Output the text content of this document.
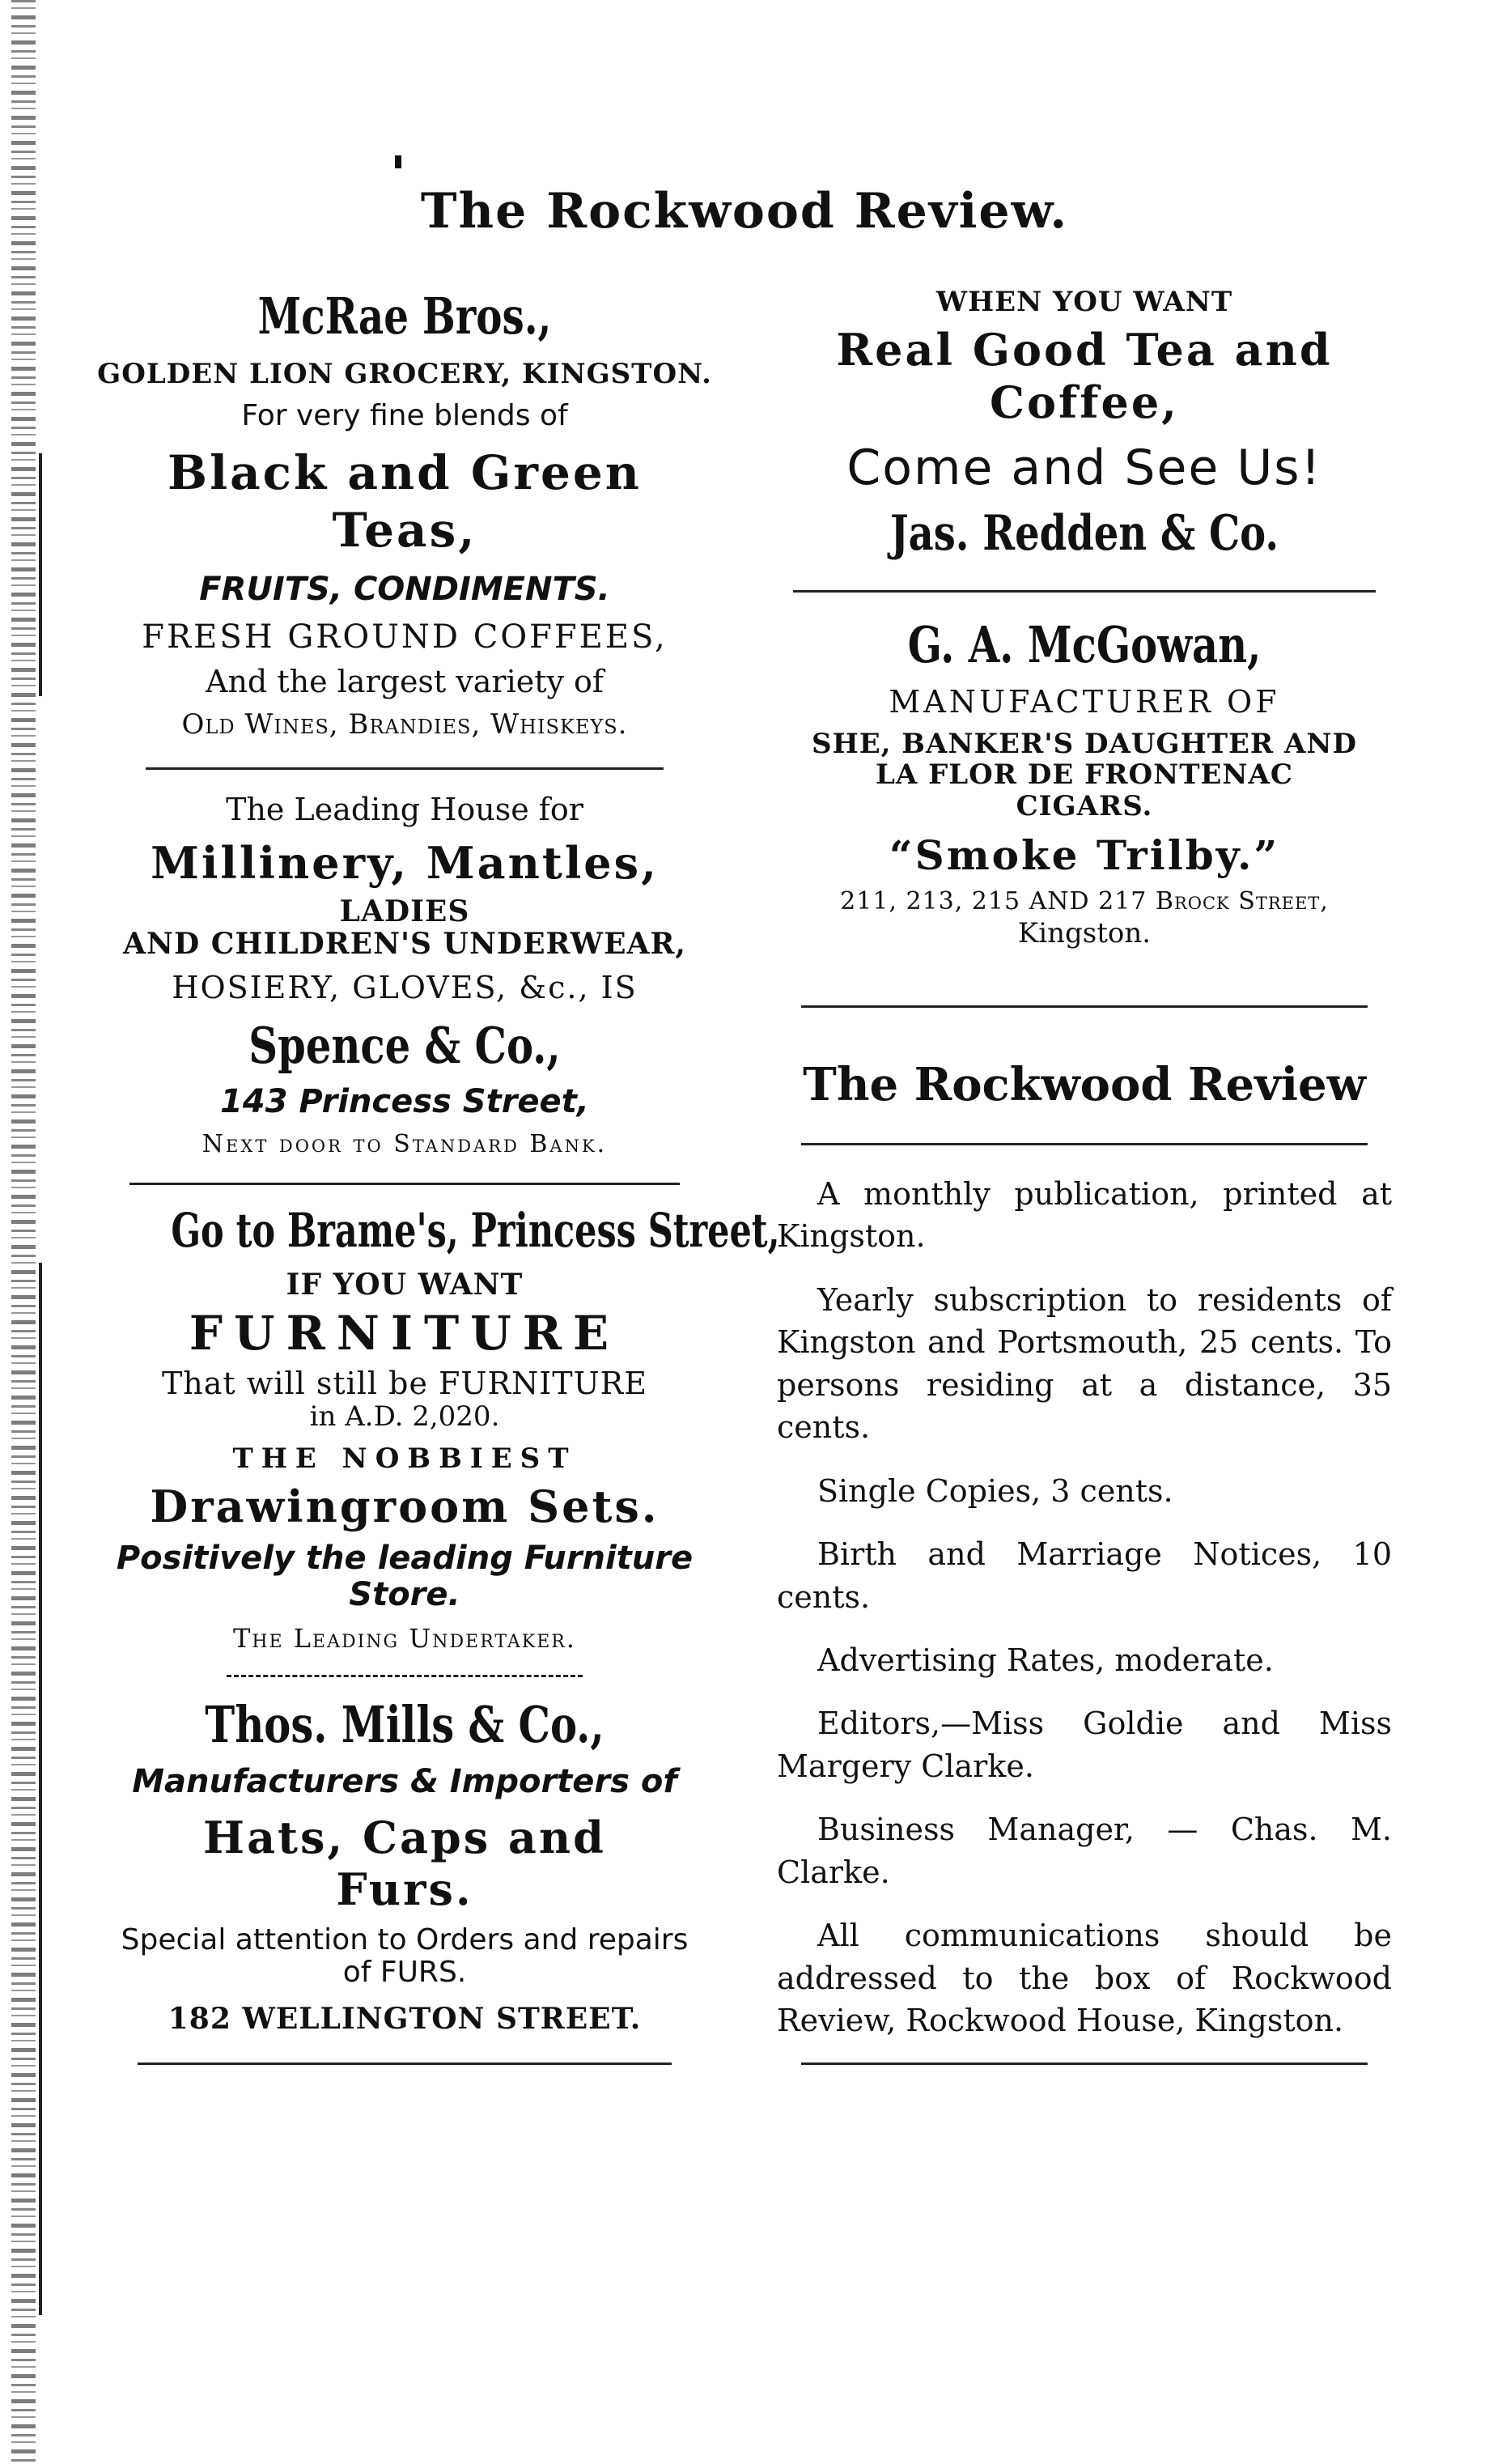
The Rockwood Review.

McRae Bros.,

GOLDEN LION GROCERY, KINGSTON.

For very fine blends of

Black and Green

Teas,

FRUITS, CONDIMENTS.

FRESH GROUND COFFEES,

And the largest variety of

Old Wines, Brandies, Whiskeys.

The Leading House for

Millinery, Mantles,

LADIES

AND CHILDREN'S UNDERWEAR,

HOSIERY, GLOVES, &c., IS

Spence & Co.,

143 Princess Street,

Next door to Standard Bank.

Go to Brame's, Princess Street,

IF YOU WANT

FURNITURE

That will still be FURNITURE

in A.D. 2,020.

THE NOBBIEST

Drawingroom Sets.

Positively the leading Furniture Store.

The Leading Undertaker.

Thos. Mills & Co.,

Manufacturers & Importers of

Hats, Caps and

Furs.

Special attention to Orders and repairs of FURS.

182 WELLINGTON STREET.

WHEN YOU WANT

Real Good Tea and

Coffee,

Come and See Us!

Jas. Redden & Co.

G. A. McGowan,

MANUFACTURER OF

SHE, BANKER'S DAUGHTER AND

LA FLOR DE FRONTENAC

CIGARS.

“Smoke Trilby.”

211, 213, 215 AND 217 Brock Street,

Kingston.

The Rockwood Review

A monthly publication, printed at Kingston.

Yearly subscription to residents of Kingston and Portsmouth, 25 cents. To persons residing at a distance, 35 cents.

Single Copies, 3 cents.

Birth and Marriage Notices, 10 cents.

Advertising Rates, moderate.

Editors,—Miss Goldie and Miss Margery Clarke.

Business Manager, — Chas. M. Clarke.

All communications should be addressed to the box of Rockwood Review, Rockwood House, Kingston.
